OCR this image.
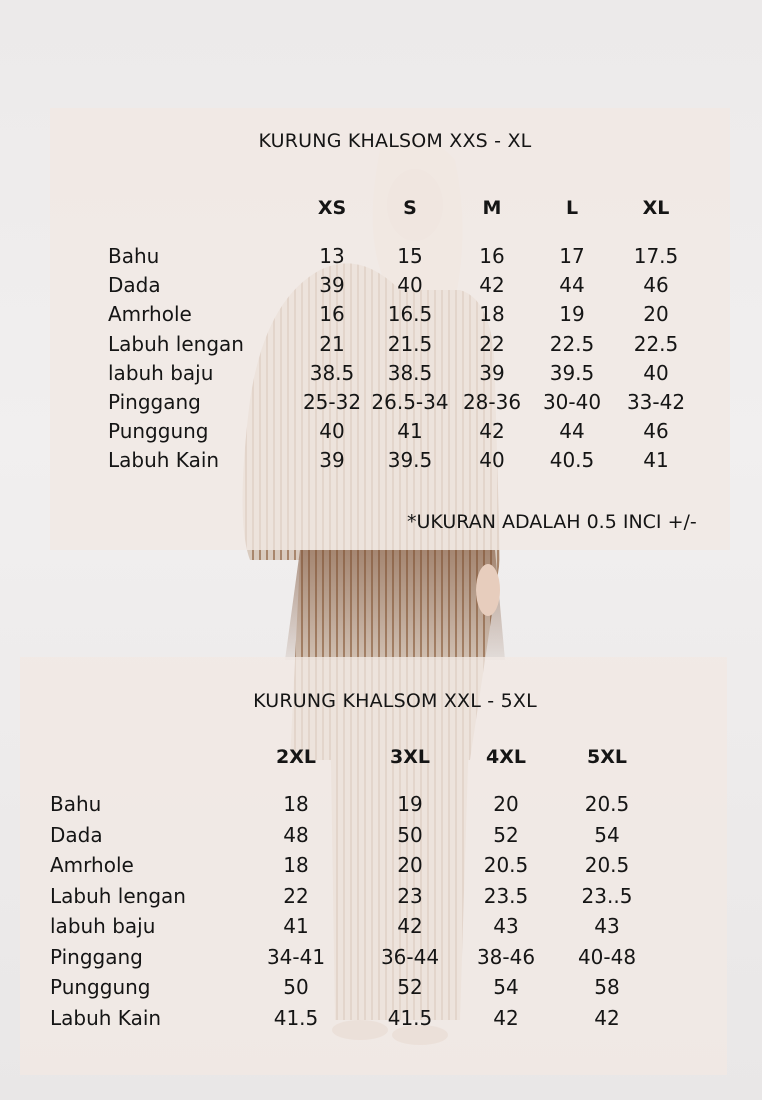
KURUNG KHALSOM XXS - XL
XS	S	M	L	XL
Bahu	13	15	16	17 17.5
Dada	39	40	42	44	46
Amrhole	16 16.5 18	19	20
Labuh lengan	21 21.5 22 22.5 22.5
labuh baju	38.5 38.5 39 39.5 40
Pinggang	25-32 26.5-34 28-36 30-40 33-42
Punggung	40	41	42	44	46
Labuh Kain	39 39.5 40 40.5 41
*UKURAN ADALAH 0.5 INCI +/-
KURUNG KHALSOM XXL - 5XL
2XL	3XL	4XL	5XL
Bahu	18	19	20	20.5
Dada	48	50	52	54
Amrhole	18	20	20.5	20.5
Labuh lengan	22	23	23.5	23..5
labuh baju	41	42	43	43
Pinggang	34-41	36-44 38-46 40-48
Punggung	50	52	54	58
Labuh Kain	41.5	41.5	42	42
